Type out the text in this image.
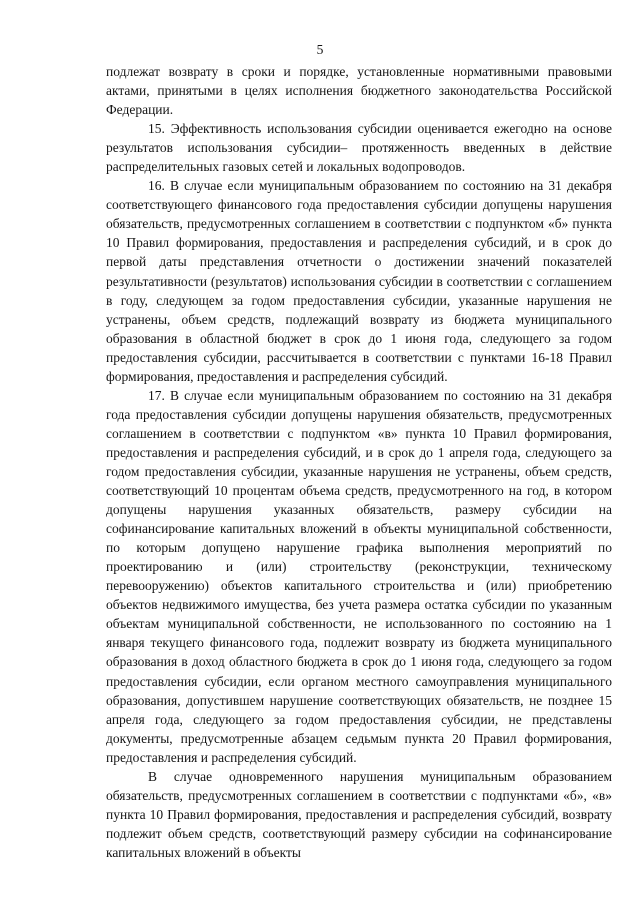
5

подлежат возврату в сроки и порядке, установленные нормативными правовыми актами, принятыми в целях исполнения бюджетного законодательства Российской Федерации.

15. Эффективность использования субсидии оценивается ежегодно на основе результатов использования субсидии– протяженность введенных в действие распределительных газовых сетей и локальных водопроводов.

16. В случае если муниципальным образованием по состоянию на 31 декабря соответствующего финансового года предоставления субсидии допущены нарушения обязательств, предусмотренных соглашением в соответствии с подпунктом «б» пункта 10 Правил формирования, предоставления и распределения субсидий, и в срок до первой даты представления отчетности о достижении значений показателей результативности (результатов) использования субсидии в соответствии с соглашением в году, следующем за годом предоставления субсидии, указанные нарушения не устранены, объем средств, подлежащий возврату из бюджета муниципального образования в областной бюджет в срок до 1 июня года, следующего за годом предоставления субсидии, рассчитывается в соответствии с пунктами 16-18 Правил формирования, предоставления и распределения субсидий.

17. В случае если муниципальным образованием по состоянию на 31 декабря года предоставления субсидии допущены нарушения обязательств, предусмотренных соглашением в соответствии с подпунктом «в» пункта 10 Правил формирования, предоставления и распределения субсидий, и в срок до 1 апреля года, следующего за годом предоставления субсидии, указанные нарушения не устранены, объем средств, соответствующий 10 процентам объема средств, предусмотренного на год, в котором допущены нарушения указанных обязательств, размеру субсидии на софинансирование капитальных вложений в объекты муниципальной собственности, по которым допущено нарушение графика выполнения мероприятий по проектированию и (или) строительству (реконструкции, техническому перевооружению) объектов капитального строительства и (или) приобретению объектов недвижимого имущества, без учета размера остатка субсидии по указанным объектам муниципальной собственности, не использованного по состоянию на 1 января текущего финансового года, подлежит возврату из бюджета муниципального образования в доход областного бюджета в срок до 1 июня года, следующего за годом предоставления субсидии, если органом местного самоуправления муниципального образования, допустившем нарушение соответствующих обязательств, не позднее 15 апреля года, следующего за годом предоставления субсидии, не представлены документы, предусмотренные абзацем седьмым пункта 20 Правил формирования, предоставления и распределения субсидий.

В случае одновременного нарушения муниципальным образованием обязательств, предусмотренных соглашением в соответствии с подпунктами «б», «в» пункта 10 Правил формирования, предоставления и распределения субсидий, возврату подлежит объем средств, соответствующий размеру субсидии на софинансирование капитальных вложений в объекты
